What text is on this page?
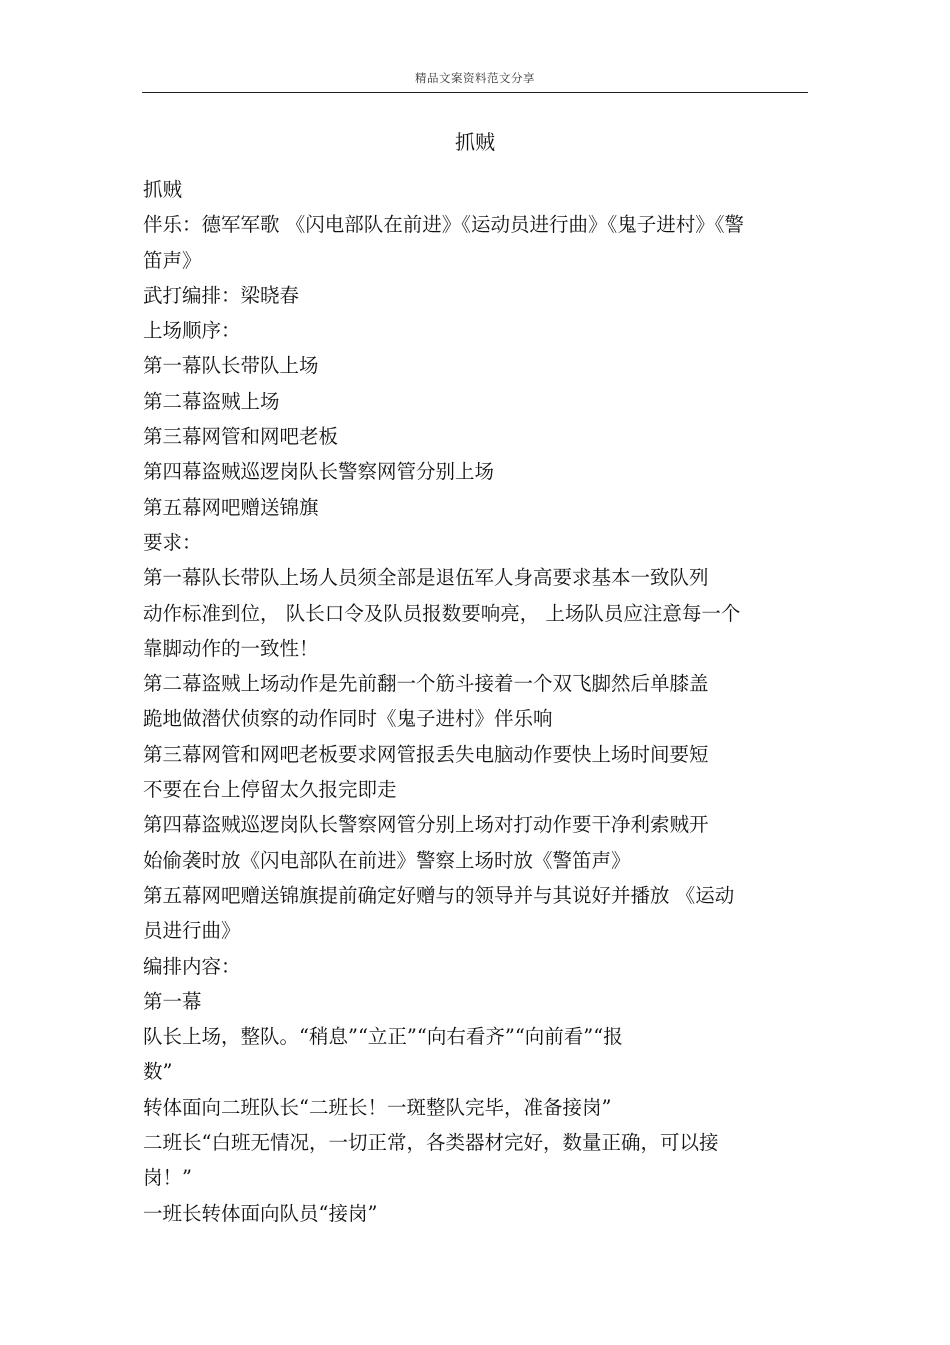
精品文案资料范文分享
抓贼
抓贼
伴乐：德军军歌 《闪电部队在前进》《运动员进行曲》《鬼子进村》《警
笛声》
武打编排：梁晓春
上场顺序：
第一幕队长带队上场
第二幕盗贼上场
第三幕网管和网吧老板
第四幕盗贼巡逻岗队长警察网管分别上场
第五幕网吧赠送锦旗
要求：
第一幕队长带队上场人员须全部是退伍军人身高要求基本一致队列
动作标准到位， 队长口令及队员报数要响亮， 上场队员应注意每一个
靠脚动作的一致性！
第二幕盗贼上场动作是先前翻一个筋斗接着一个双飞脚然后单膝盖
跪地做潜伏侦察的动作同时《鬼子进村》伴乐响
第三幕网管和网吧老板要求网管报丢失电脑动作要快上场时间要短
不要在台上停留太久报完即走
第四幕盗贼巡逻岗队长警察网管分别上场对打动作要干净利索贼开
始偷袭时放《闪电部队在前进》警察上场时放《警笛声》
第五幕网吧赠送锦旗提前确定好赠与的领导并与其说好并播放 《运动
员进行曲》
编排内容：
第一幕
队长上场，整队。“稍息”“立正”“向右看齐”“向前看”“报
数”
转体面向二班队长“二班长！一斑整队完毕，准备接岗”
二班长“白班无情况，一切正常，各类器材完好，数量正确，可以接
岗！”
一班长转体面向队员“接岗”
